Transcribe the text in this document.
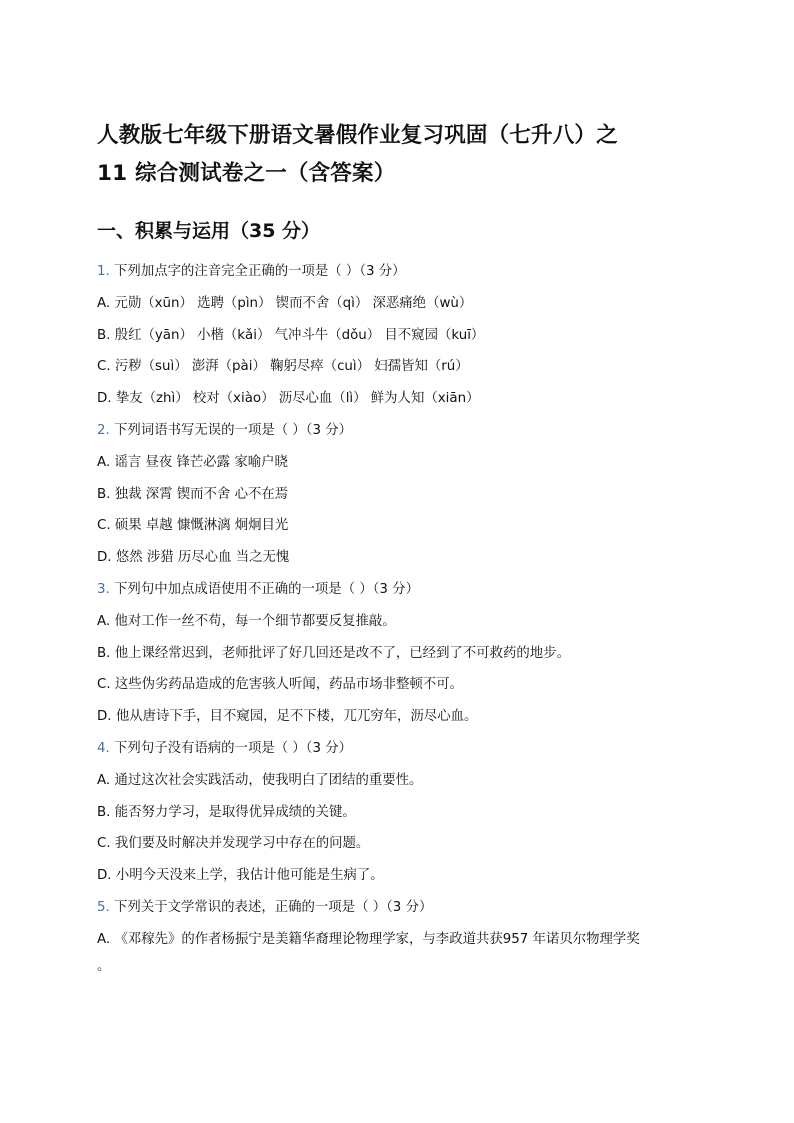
人教版七年级下册语文暑假作业复习巩固（七升八）之
11 综合测试卷之一（含答案）
一、积累与运用（35 分）
1. 下列加点字的注音完全正确的一项是（ ）（3 分）
A. 元勋（xūn） 选聘（pìn） 锲而不舍（qì） 深恶痛绝（wù）
B. 殷红（yān） 小楷（kǎi） 气冲斗牛（dǒu） 目不窥园（kuī）
C. 污秽（suì） 澎湃（pài） 鞠躬尽瘁（cuì） 妇孺皆知（rú）
D. 挚友（zhì） 校对（xiào） 沥尽心血（lì） 鲜为人知（xiān）
2. 下列词语书写无误的一项是（ ）（3 分）
A. 谣言 昼夜 锋芒必露 家喻户晓
B. 独裁 深霄 锲而不舍 心不在焉
C. 硕果 卓越 慷慨淋漓 炯炯目光
D. 悠然 涉猎 历尽心血 当之无愧
3. 下列句中加点成语使用不正确的一项是（ ）（3 分）
A. 他对工作一丝不苟，每一个细节都要反复推敲。
B. 他上课经常迟到，老师批评了好几回还是改不了，已经到了不可救药的地步。
C. 这些伪劣药品造成的危害骇人听闻，药品市场非整顿不可。
D. 他从唐诗下手，目不窥园，足不下楼，兀兀穷年，沥尽心血。
4. 下列句子没有语病的一项是（ ）（3 分）
A. 通过这次社会实践活动，使我明白了团结的重要性。
B. 能否努力学习，是取得优异成绩的关键。
C. 我们要及时解决并发现学习中存在的问题。
D. 小明今天没来上学，我估计他可能是生病了。
5. 下列关于文学常识的表述，正确的一项是（ ）（3 分）
A. 《邓稼先》的作者杨振宁是美籍华裔理论物理学家，与李政道共获957 年诺贝尔物理学奖
。
